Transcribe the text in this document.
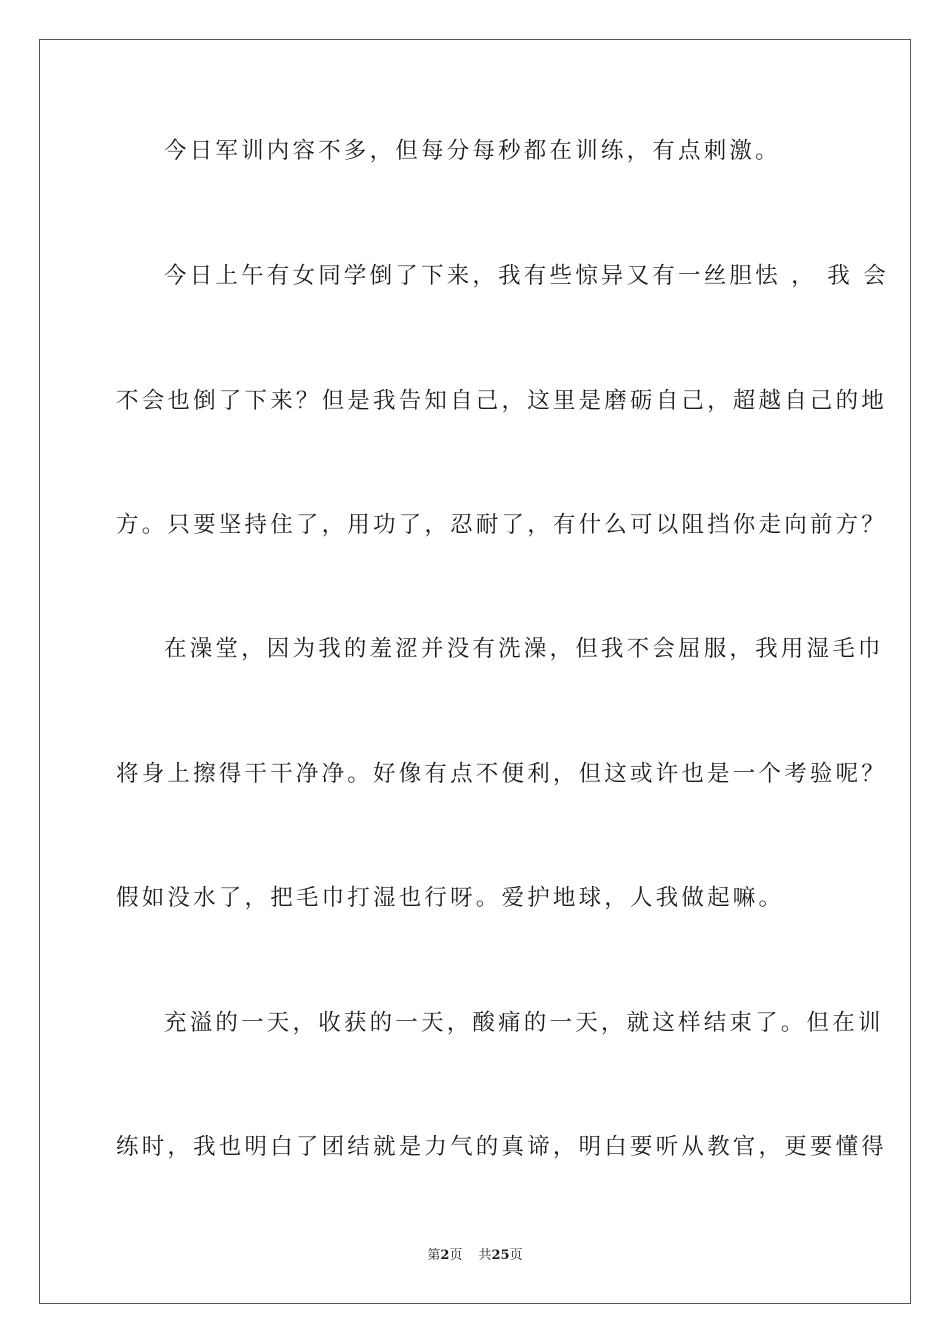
今日军训内容不多，但每分每秒都在训练，有点刺激。
今日上午有女同学倒了下来，我有些惊异又有一丝胆怯 ， 我 会
不会也倒了下来？但是我告知自己，这里是磨砺自己，超越自己的地
方。只要坚持住了，用功了，忍耐了，有什么可以阻挡你走向前方？
在澡堂，因为我的羞涩并没有洗澡，但我不会屈服，我用湿毛巾
将身上擦得干干净净。好像有点不便利，但这或许也是一个考验呢？
假如没水了，把毛巾打湿也行呀。爱护地球，人我做起嘛。
充溢的一天，收获的一天，酸痛的一天，就这样结束了。但在训
练时，我也明白了团结就是力气的真谛，明白要听从教官，更要懂得
第2页 共25页
